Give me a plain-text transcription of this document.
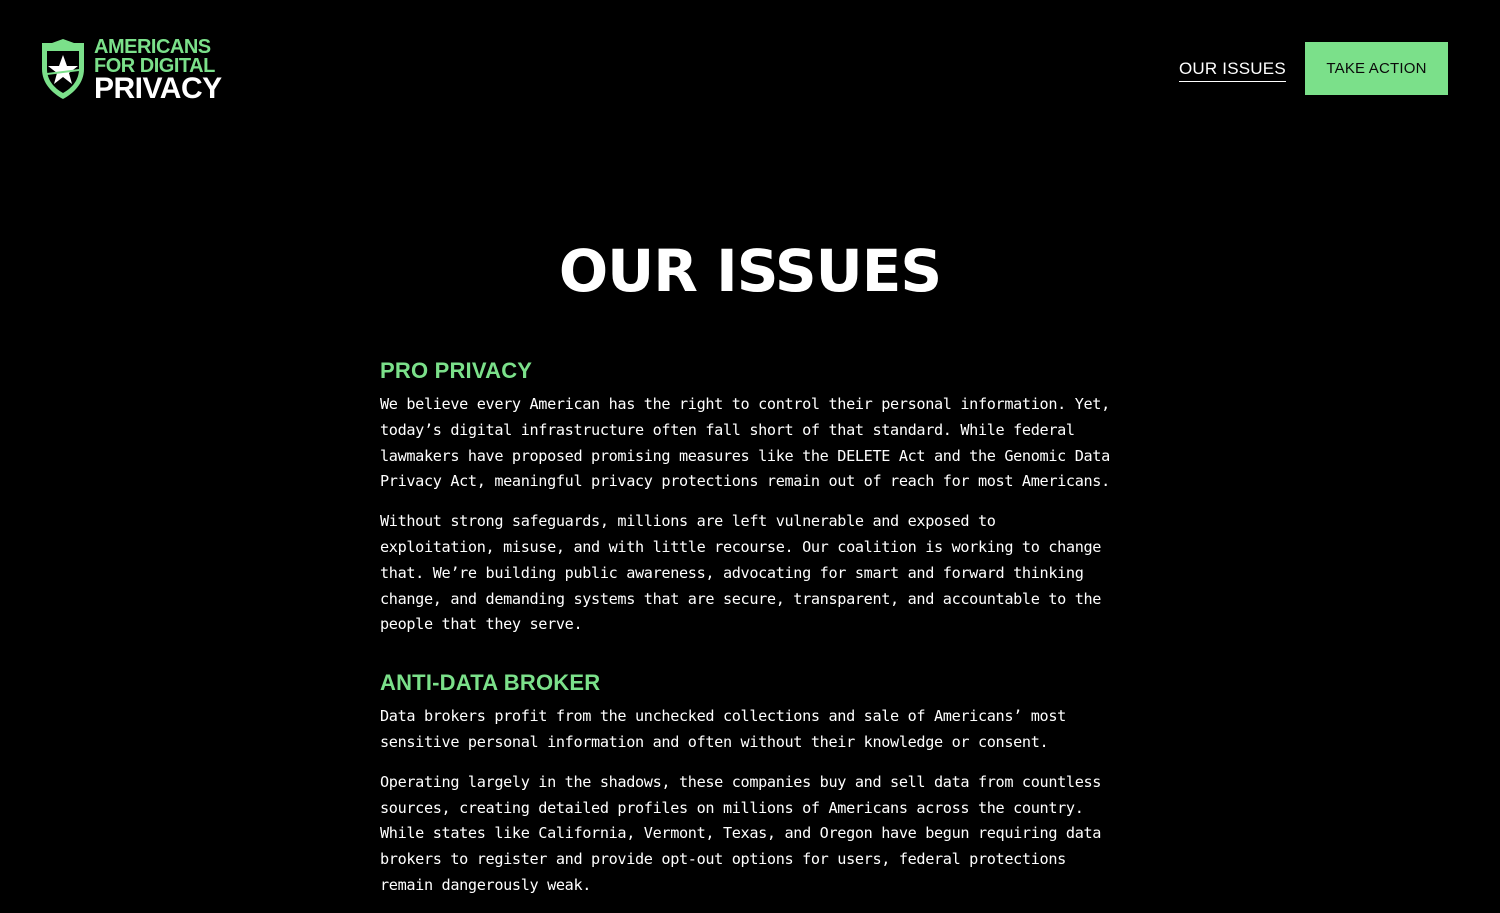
AMERICANS
FOR DIGITAL
PRIVACY
OUR ISSUES	TAKE ACTION
OUR ISSUES
PRO PRIVACY

We believe every American has the right to control their personal information. Yet, today’s digital infrastructure often fall short of that standard. While federal lawmakers have proposed promising measures like the DELETE Act and the Genomic Data Privacy Act, meaningful privacy protections remain out of reach for most Americans.

Without strong safeguards, millions are left vulnerable and exposed to exploitation, misuse, and with little recourse. Our coalition is working to change that. We’re building public awareness, advocating for smart and forward thinking change, and demanding systems that are secure, transparent, and accountable to the people that they serve.

ANTI-DATA BROKER

Data brokers profit from the unchecked collections and sale of Americans’ most sensitive personal information and often without their knowledge or consent.

Operating largely in the shadows, these companies buy and sell data from countless sources, creating detailed profiles on millions of Americans across the country. While states like California, Vermont, Texas, and Oregon have begun requiring data brokers to register and provide opt-out options for users, federal protections remain dangerously weak.
